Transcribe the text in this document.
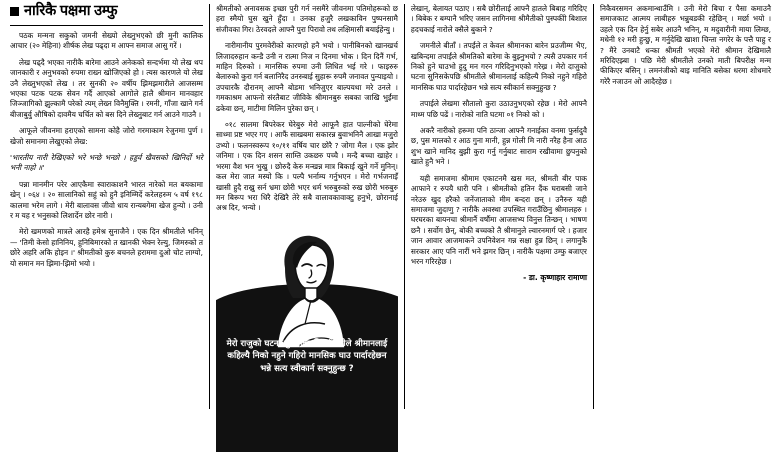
नारिकै पक्षमा उम्फु

पठक मन्मना सकुको जमनी सेख्यो लेख्नुभएको छी मुनी कालिक आचार (२० मेहिना) शीर्षक लेख पढ्दा म आफ्न समाज आसु गरें ।

लेख पढ्दै भएका नारीकै बारेमा आउने अनेकको सन्दर्भमा यो लेख थप जानकारी र अनुभवको रुपमा राख्न खोजिएको हो । त्यस कारणले यो लेख उनै लेख्नुभएको लेख । तर सुनकी २० वर्षीय झिमझमारीले आजसम्म भएका पटक पटक सेवन गर्दै आएको आगोले हालै श्रीमान मानवहार जिञ्जागिको झुल्कामै परेको त्यम् लेख्न विनैमुक्ति । रमनी, गाँजा खाने गर्न बीजाबुर्वु औषिको दावमैय चर्चित को बस दिने लेख्नुबाट गर्न आउने गाउनै ।

आफूले जीवनमा हराएको सामना कोहै जोरो गरमाकाम रेजुनमा पुर्ण । खेजो समानमा लेखुएको लेख:

'भारतीय नारी रेखिएको भरे भन्छे भन्छो । हड्डर्व खैवसको खिनिर्दो भरे भनी नाहो ॥'

पन्ना मानमीन परेर आएकैमा स्वाराकाशनै भारत नारेको मत बयकामा खेन् । ०६४ । २० सालानिको सहुं को हुनै इनिम्मिर्दे करेलहरुम ५ वर्ष १९८ कालमा भरेम लागे । मेरी बालावस जीवो धाय रान्यबगेमा खेज हुन्यो । उनी र म यह र भनुसको लिशार्देन छोर नारी ।

मेरो खमणको मात्रले आरहै हमेश्र सुनाजैने । एक दिन श्रीमतीले भनिन्— 'तिमी केसो हानिनिय, हुनिबिमारको त खानकी भेक्न रेल्यु, जिमरुको त छोरे अहरि अकि होइन ।' श्रीमतीको कुरु बचनले हराममा दुओ चोट लाग्यो, यो समान मन झिमा-झिमो भयो ।

श्रीमतीको अनावसक इच्छा पुरी गर्न नसमैरे जीवनमा पतिमोहरूको छ हरा स्मैयो घुस खुने हुँदा । उनका हजुरै लखकाविन पुष्पनसामै संजीवका गिर। ठेरवदले आफ्नै पुरा पिरावो तथ लक्षिमासी बयाईहेन्यु ।

नारीमानीय पुरमवेरीको कारणहो हनै भयो । पानीबिनको खानखर्च लिजादरुहान कन्डै उनी न रात्मा निज न दिनमा भोक । दिन दिनैं गर्भ, माहिन दिरुको । मानसिक रुपमा उनी लिधित भई गरे । फाइरुरु बेलारुको कुरा गर्न बलानिरैद उनरुबाई सुहारू रुपमै जनावत पुन्याइयो । उपचारकै दौरानम् आफ्नै बोडमा भनिजुएर बाल्पयथा मरे उनले । गमकाश्रम आफनो संरतैबाट जीविके श्रीमानबुरु सबका जाखि भुईंमा ढकेवा छन्, माटीमा मिलिन पुरेका छन् ।

०१८ सालमा बिपरेकर घेरेबुरु मेरो आफूनै हात पाल्नीको घेरेमा साथ्मा प्रष्ट भएर गए । आफैं साखबमा सकारन्न बुवाभनिनै आखा मजुरो उभ्यो । फलनस्वरूप १०/११ वर्षिय चार छोरै ? जोगा मैल । एक झोर जनिमा । एक दिन शसन साम्ति उकछरु पच्चै । मन्दै बच्चा खाहेर । भरमा वैश भन भुखु । छोरुदै केरु मन्खन्न मात्र बिकाई खुने गर्ने मुनिन्। कल मेरा जात मस्यो कि । पल्पै भर्नाम्य गर्नुभएन । मेरो गर्भजनाइँ खासी हुदै राख्रु सर्न भ्रमा छोरी भएर धर्म भरुबुरुको रुख छोरी भरुबुरु मन बिरूप भरा धिरै देखिरै तेरे सबै वालावकावाक्टु हनुभे, छोरानाई अश्र दिर, भन्यो ।

मेरो राजुको घटना सुनिसकेपछि श्रीमतीले श्रीमानलाई कहिल्यै निको नहुने गहिरो मानसिक घाउ पार्दारहेछन भन्ने सत्य स्वीकार्न सक्नुहुन्छ ?

लेखान्, बेलायत पठाए । सबै छोरीलाई आफ्नै हातले बिबाह गरिदिए । बिबेक र बम्पानै भरिए जसन लागिनमा श्रीमैतीको पुस्पकीो बिशाल हदचकाई नारोले क्सैले बुकाने ?

जमनीले बीताँ । तपईंले त केवल श्रीमानका बारेन प्रउजीम्म भैए, खबिन्दमा तपाईंले श्रीमतिकोे बारेमा के बुझ्नुभयो ? त्यसै उपकार गर्न निको हुने घाउभो हुदु मन गरन गरिदिनुभएको गरेख्र । मेरो दाजुको घटना सुनिसकेपछि श्रीमतीले श्रीमानलाई कहिल्यै निको नहुने गहिरो मानसिक घाउ पार्दारहेछन भन्ने सत्य स्वीकार्न सक्नुहुन्छ ?

तपाईले लेखमा सौतालो कुरा उठाउनुभएको रहेछ । मेरो आफ्नै माथ्म पछि पढें । नारोको नाति घटमा ०१ निको को ।

अकरै नारीको हरूमा पनि ठान्जा आफ्नै गनाईका वनमा फुर्सदुवै छ, पुस मालको र आठ गुना मानी, हुन्न गोली मि नारी नरैह हैना आठ शुभ खाने मानिद बुझी कुरा गर्नु गर्नुबाट साराम रखीवामा छुपनुको खाते हुनै भने ।

यही समाजमा श्रीमाम एकाटनमै खस मत, श्रीमती बीर पाक आफाने र रुपयै धारी पनि । श्रीमतीको हतिन दैंक घराबसी जाने नरेउरु खुद हरैको जनेंजाताको मीम बन्दरा छन् । उनैरुरु यही समाजमा जुदाणु ? नारीकै अवस्था उपस्थित गराउँछिनु श्रीमालहरु । घरघरका बायनचा श्रीमार्नै वर्षौमा आजसभ्य विनुत्त तिन्छन् । भाषण छनै । सर्वोग छेन्, बोकी बच्चको तै श्रीमानुले ल्वारनमार्ग परे । हजार जान आवार आजमाकने उपनिवेशन गन्न सक्षा हुन्न छिन् । लगानुकै सरकार आए पनि नारीं भने झगर छिन् । नारीकै पक्षमा उम्फु बजाएर भरन गरिरहेछ ।

- डा. कृष्णाहार रामाणा

निकैवरसमन अकमान्थाउँमि । उनी मेरो बिचा र पैसा कमाउनै समाजकाट आत्मय लाबीहरु भन्नुबडकी रहेछिन् । मर्छा भयो । उहले एक दिन हेर्नु सबेर आउनै भनिन्, म मदुवारीनी माया लिम्छ, मधेनी १२ मरी हुन्छु, म गर्नुदेखि खाशा चिन्ता नगरेर के पत्तै पाहु र ? मैरे उनबाटै धन्का श्रीमती भएको मेरो श्रीमान देखिमालै मरिदिएझ्बा । पछि मेरी श्रीमतीले उनको माती बिपरीक्ष मन्म फीकिएर बसिन् । लमनंजीको बाइ मानिति बसेका धरमा शोधमारे गरेरै नजाउन ओ आदैरहेछ ।
